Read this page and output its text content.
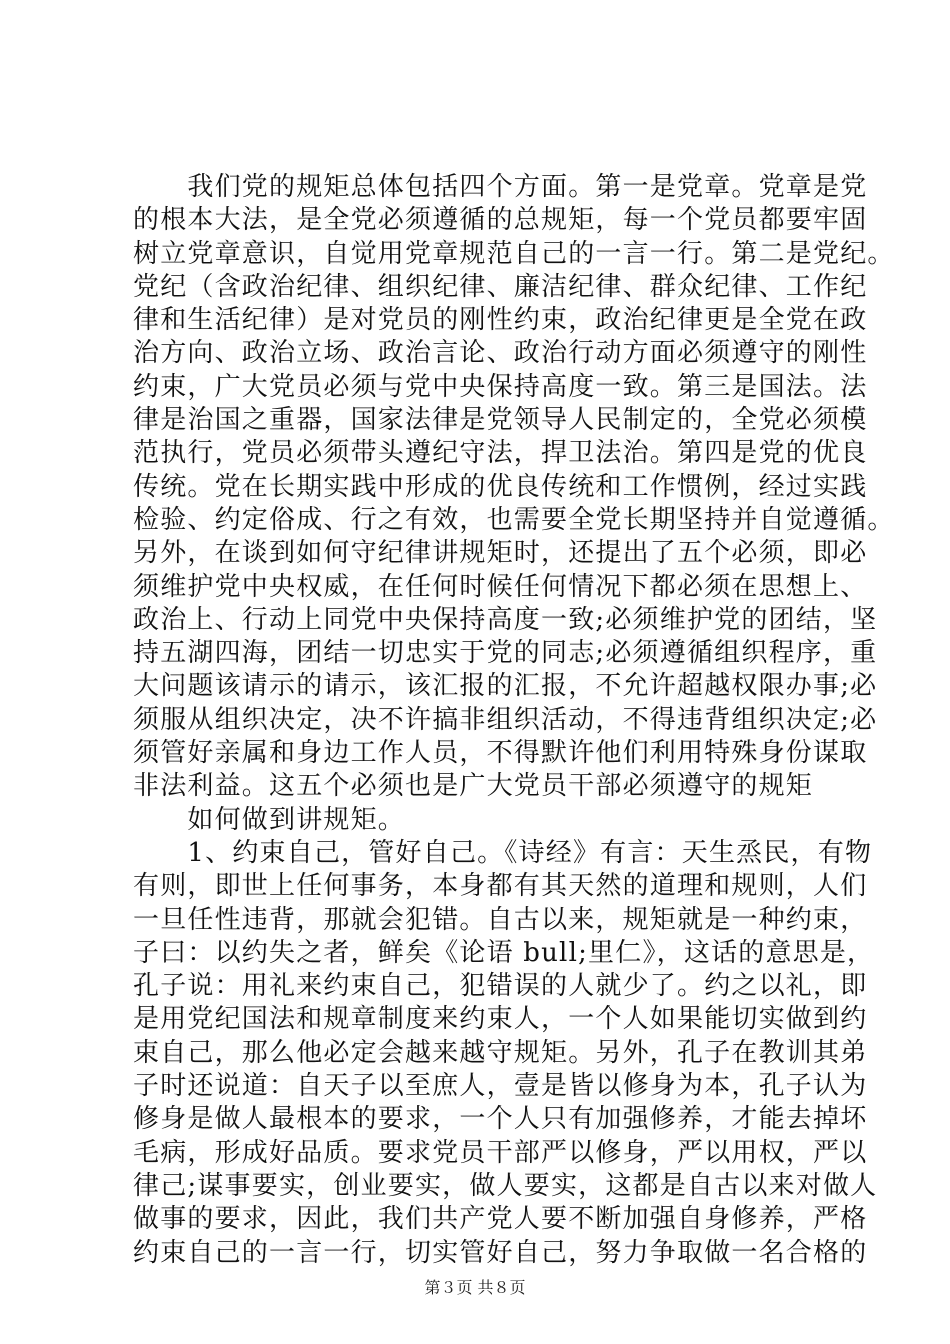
　　我们党的规矩总体包括四个方面。第一是党章。党章是党
的根本大法，是全党必须遵循的总规矩，每一个党员都要牢固
树立党章意识，自觉用党章规范自己的一言一行。第二是党纪。
党纪（含政治纪律、组织纪律、廉洁纪律、群众纪律、工作纪
律和生活纪律）是对党员的刚性约束，政治纪律更是全党在政
治方向、政治立场、政治言论、政治行动方面必须遵守的刚性
约束，广大党员必须与党中央保持高度一致。第三是国法。法
律是治国之重器，国家法律是党领导人民制定的，全党必须模
范执行，党员必须带头遵纪守法，捍卫法治。第四是党的优良
传统。党在长期实践中形成的优良传统和工作惯例，经过实践
检验、约定俗成、行之有效，也需要全党长期坚持并自觉遵循。
另外，在谈到如何守纪律讲规矩时，还提出了五个必须，即必
须维护党中央权威，在任何时候任何情况下都必须在思想上、
政治上、行动上同党中央保持高度一致;必须维护党的团结，坚
持五湖四海，团结一切忠实于党的同志;必须遵循组织程序，重
大问题该请示的请示，该汇报的汇报，不允许超越权限办事;必
须服从组织决定，决不许搞非组织活动，不得违背组织决定;必
须管好亲属和身边工作人员，不得默许他们利用特殊身份谋取
非法利益。这五个必须也是广大党员干部必须遵守的规矩
　　如何做到讲规矩。
　　1、约束自己，管好自己。《诗经》有言：天生烝民，有物
有则，即世上任何事务，本身都有其天然的道理和规则，人们
一旦任性违背，那就会犯错。自古以来，规矩就是一种约束，
子曰：以约失之者，鲜矣《论语 bull;里仁》，这话的意思是，
孔子说：用礼来约束自己，犯错误的人就少了。约之以礼，即
是用党纪国法和规章制度来约束人，一个人如果能切实做到约
束自己，那么他必定会越来越守规矩。另外，孔子在教训其弟
子时还说道：自天子以至庶人，壹是皆以修身为本，孔子认为
修身是做人最根本的要求，一个人只有加强修养，才能去掉坏
毛病，形成好品质。要求党员干部严以修身，严以用权，严以
律己;谋事要实，创业要实，做人要实，这都是自古以来对做人
做事的要求，因此，我们共产党人要不断加强自身修养，严格
约束自己的一言一行，切实管好自己，努力争取做一名合格的
第３页 共８页
